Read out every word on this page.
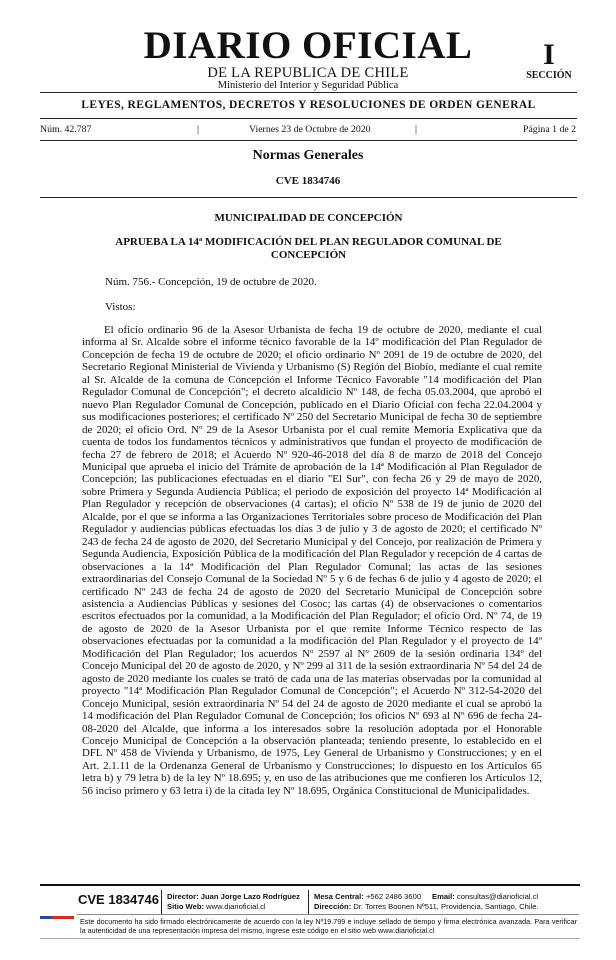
DIARIO OFICIAL
DE LA REPUBLICA DE CHILE
Ministerio del Interior y Seguridad Pública
I
SECCIÓN
LEYES, REGLAMENTOS, DECRETOS Y RESOLUCIONES DE ORDEN GENERAL
Núm. 42.787	|	Viernes 23 de Octubre de 2020	|	Página 1 de 2
Normas Generales
CVE 1834746
MUNICIPALIDAD DE CONCEPCIÓN
APRUEBA LA 14ª MODIFICACIÓN DEL PLAN REGULADOR COMUNAL DE CONCEPCIÓN
Núm. 756.- Concepción, 19 de octubre de 2020.
Vistos:

El oficio ordinario 96 de la Asesor Urbanista de fecha 19 de octubre de 2020, mediante el cual informa al Sr. Alcalde sobre el informe técnico favorable de la 14º modificación del Plan Regulador de Concepción de fecha 19 de octubre de 2020; el oficio ordinario Nº 2091 de 19 de octubre de 2020, del Secretario Regional Ministerial de Vivienda y Urbanismo (S) Región del Biobío, mediante el cual remite al Sr. Alcalde de la comuna de Concepción el Informe Técnico Favorable "14 modificación del Plan Regulador Comunal de Concepción"; el decreto alcaldicio Nº 148, de fecha 05.03.2004, que aprobó el nuevo Plan Regulador Comunal de Concepción, publicado en el Diario Oficial con fecha 22.04.2004 y sus modificaciones posteriores; el certificado Nº 250 del Secretario Municipal de fecha 30 de septiembre de 2020; el oficio Ord. Nº 29 de la Asesor Urbanista por el cual remite Memoria Explicativa que da cuenta de todos los fundamentos técnicos y administrativos que fundan el proyecto de modificación de fecha 27 de febrero de 2018; el Acuerdo Nº 920-46-2018 del día 8 de marzo de 2018 del Concejo Municipal que aprueba el inicio del Trámite de aprobación de la 14ª Modificación al Plan Regulador de Concepción; las publicaciones efectuadas en el diario "El Sur", con fecha 26 y 29 de mayo de 2020, sobre Primera y Segunda Audiencia Pública; el periodo de exposición del proyecto 14ª Modificación al Plan Regulador y recepción de observaciones (4 cartas); el oficio Nº 538 de 19 de junio de 2020 del Alcalde, por el que se informa a las Organizaciones Territoriales sobre proceso de Modificación del Plan Regulador y audiencias públicas efectuadas los días 3 de julio y 3 de agosto de 2020; el certificado Nº 243 de fecha 24 de agosto de 2020, del Secretario Municipal y del Concejo, por realización de Primera y Segunda Audiencia, Exposición Pública de la modificación del Plan Regulador y recepción de 4 cartas de observaciones a la 14ª Modificación del Plan Regulador Comunal; las actas de las sesiones extraordinarias del Consejo Comunal de la Sociedad Nº 5 y 6 de fechas 6 de julio y 4 agosto de 2020; el certificado Nº 243 de fecha 24 de agosto de 2020 del Secretario Municipal de Concepción sobre asistencia a Audiencias Públicas y sesiones del Cosoc; las cartas (4) de observaciones o comentarios escritos efectuados por la comunidad, a la Modificación del Plan Regulador; el oficio Ord. Nº 74, de 19 de agosto de 2020 de la Asesor Urbanista por el que remite Informe Técnico respecto de las observaciones efectuadas por la comunidad a la modificación del Plan Regulador y el proyecto de 14º Modificación del Plan Regulador; los acuerdos Nº 2597 al Nº 2609 de la sesión ordinaria 134º del Concejo Municipal del 20 de agosto de 2020, y Nº 299 al 311 de la sesión extraordinaria Nº 54 del 24 de agosto de 2020 mediante los cuales se trató de cada una de las materias observadas por la comunidad al proyecto "14ª Modificación Plan Regulador Comunal de Concepción"; el Acuerdo Nº 312-54-2020 del Concejo Municipal, sesión extraordinaria Nº 54 del 24 de agosto de 2020 mediante el cual se aprobó la 14 modificación del Plan Regulador Comunal de Concepción; los oficios Nº 693 al Nº 696 de fecha 24-08-2020 del Alcalde, que informa a los interesados sobre la resolución adoptada por el Honorable Concejo Municipal de Concepción a la observación planteada; teniendo presente, lo establecido en el DFL Nº 458 de Vivienda y Urbanismo, de 1975, Ley General de Urbanismo y Construcciones; y en el Art. 2.1.11 de la Ordenanza General de Urbanismo y Construcciones; lo dispuesto en los Artículos 65 letra b) y 79 letra b) de la ley Nº 18.695; y, en uso de las atribuciones que me confieren los Artículos 12, 56 inciso primero y 63 letra i) de la citada ley Nº 18.695, Orgánica Constitucional de Municipalidades.

CVE 1834746 Director: Juan Jorge Lazo Rodríguez
Sitio Web: www.diarioficial.cl
Mesa Central: +562 2486 3600 Email: consultas@diarioficial.cl
Dirección: Dr. Torres Boonen Nº511, Providencia, Santiago, Chile.

Este documento ha sido firmado electrónicamente de acuerdo con la ley Nº19.799 e incluye sellado de tiempo y firma electrónica avanzada. Para verificar la autenticidad de una representación impresa del mismo, ingrese este código en el sitio web www.diarioficial.cl
